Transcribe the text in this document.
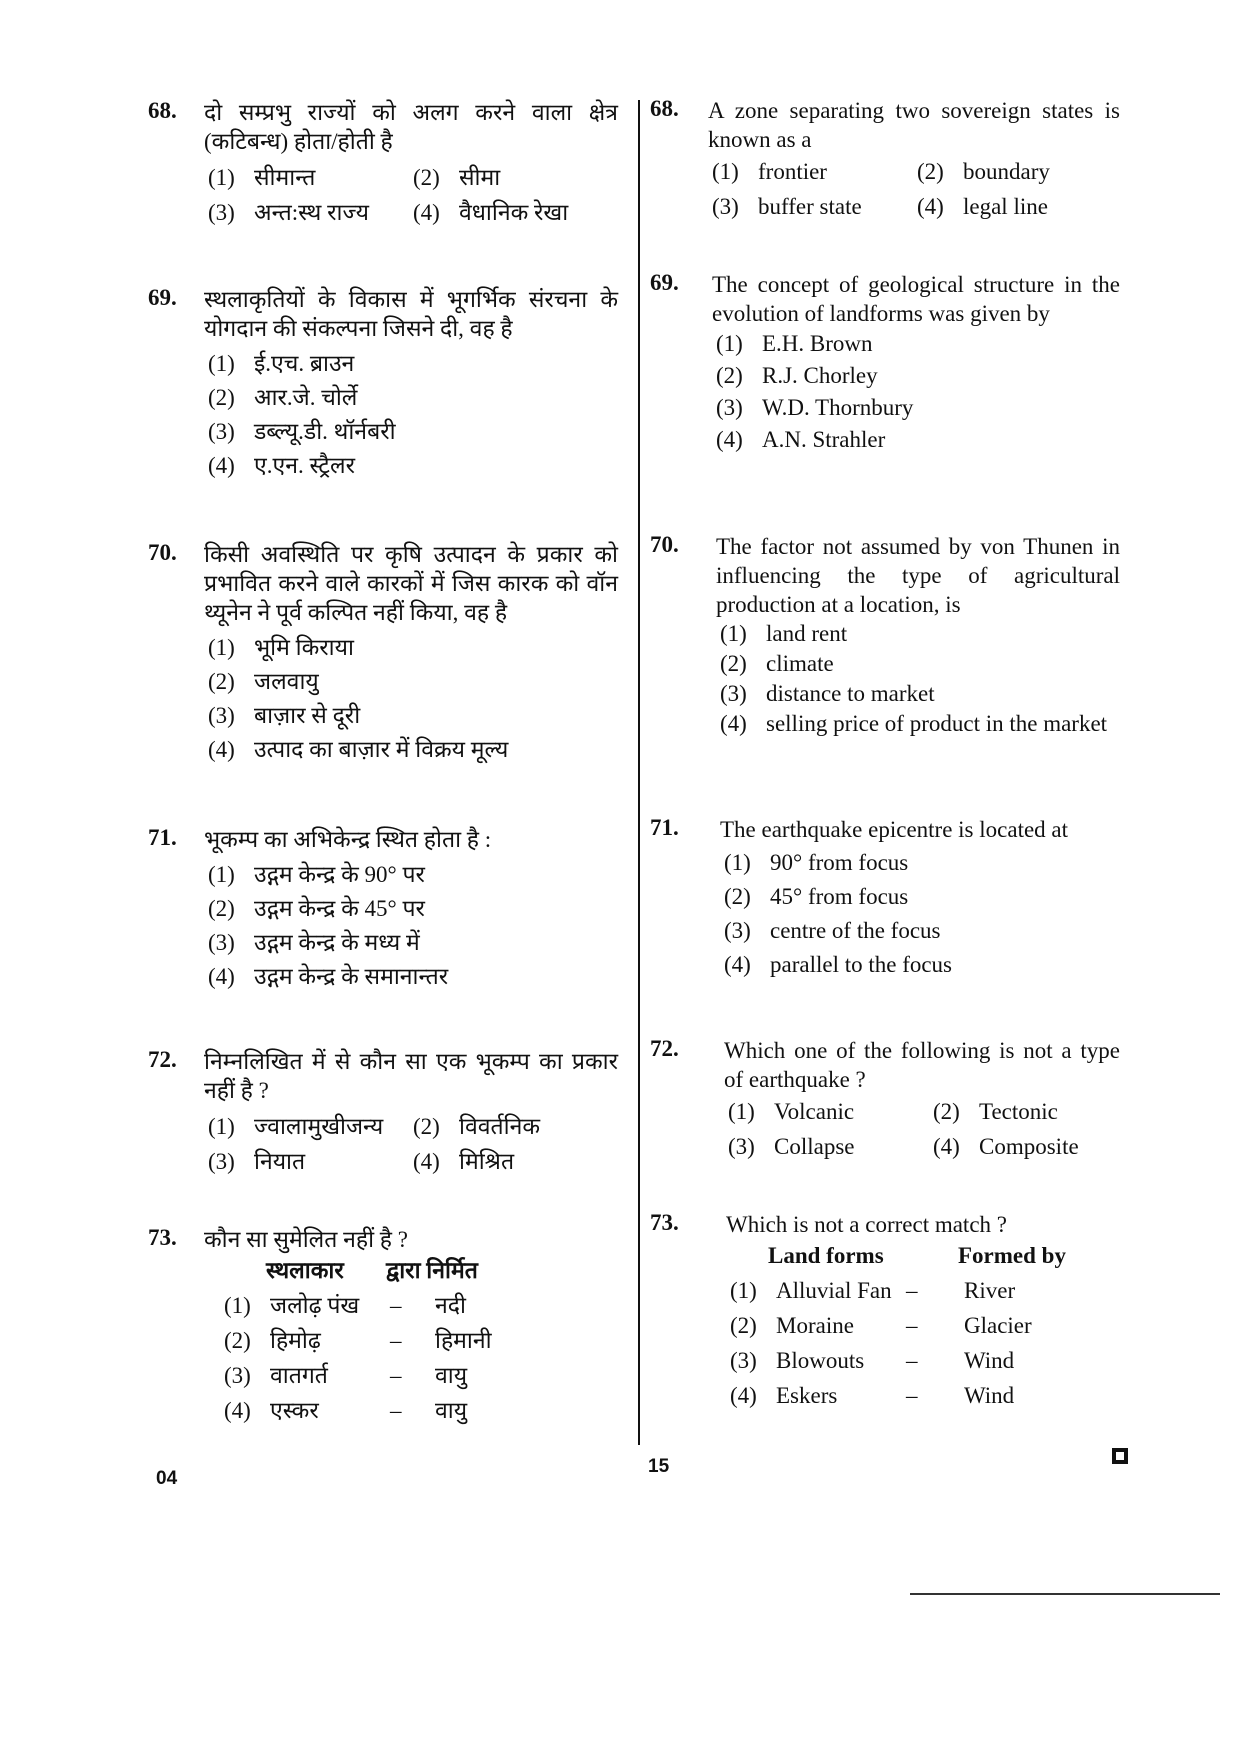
68. दो सम्प्रभु राज्यों को अलग करने वाला क्षेत्र (कटिबन्ध) होता/होती है
(1) सीमान्त	(2) सीमा
(3) अन्त:स्थ राज्य (4) वैधानिक रेखा
69. स्थलाकृतियों के विकास में भूगर्भिक संरचना के योगदान की संकल्पना जिसने दी, वह है
(1) ई.एच. ब्राउन
(2) आर.जे. चोर्ले
(3) डब्ल्यू.डी. थॉर्नबरी
(4) ए.एन. स्ट्रैलर
70. किसी अवस्थिति पर कृषि उत्पादन के प्रकार को प्रभावित करने वाले कारकों में जिस कारक को वॉन थ्यूनेन ने पूर्व कल्पित नहीं किया, वह है
(1) भूमि किराया
(2) जलवायु
(3) बाज़ार से दूरी
(4) उत्पाद का बाज़ार में विक्रय मूल्य
71. भूकम्प का अभिकेन्द्र स्थित होता है :
(1) उद्गम केन्द्र के 90° पर
(2) उद्गम केन्द्र के 45° पर
(3) उद्गम केन्द्र के मध्य में
(4) उद्गम केन्द्र के समानान्तर
72. निम्नलिखित में से कौन सा एक भूकम्प का प्रकार नहीं है ?
(1) ज्वालामुखीजन्य (2) विवर्तनिक
(3) नियात	(4) मिश्रित
73. कौन सा सुमेलित नहीं है ?
स्थलाकार	द्वारा निर्मित
(1) जलोढ़ पंख	–	नदी
(2) हिमोढ़	–	हिमानी
(3) वातगर्त	–	वायु
(4) एस्कर	–	वायु
68. A zone separating two sovereign states is known as a
(1) frontier	(2) boundary
(3) buffer state (4) legal line
69. The concept of geological structure in the evolution of landforms was given by
(1) E.H. Brown
(2) R.J. Chorley
(3) W.D. Thornbury
(4) A.N. Strahler
70. The factor not assumed by von Thunen in influencing the type of agricultural production at a location, is
(1) land rent
(2) climate
(3) distance to market
(4) selling price of product in the market
71. The earthquake epicentre is located at
(1) 90° from focus
(2) 45° from focus
(3) centre of the focus
(4) parallel to the focus
72. Which one of the following is not a type of earthquake ?
(1) Volcanic	(2) Tectonic
(3) Collapse	(4) Composite
73. Which is not a correct match ?
Land forms	Formed by
(1) Alluvial Fan –	River
(2) Moraine	–	Glacier
(3) Blowouts	–	Wind
(4) Eskers	–	Wind
04
15
